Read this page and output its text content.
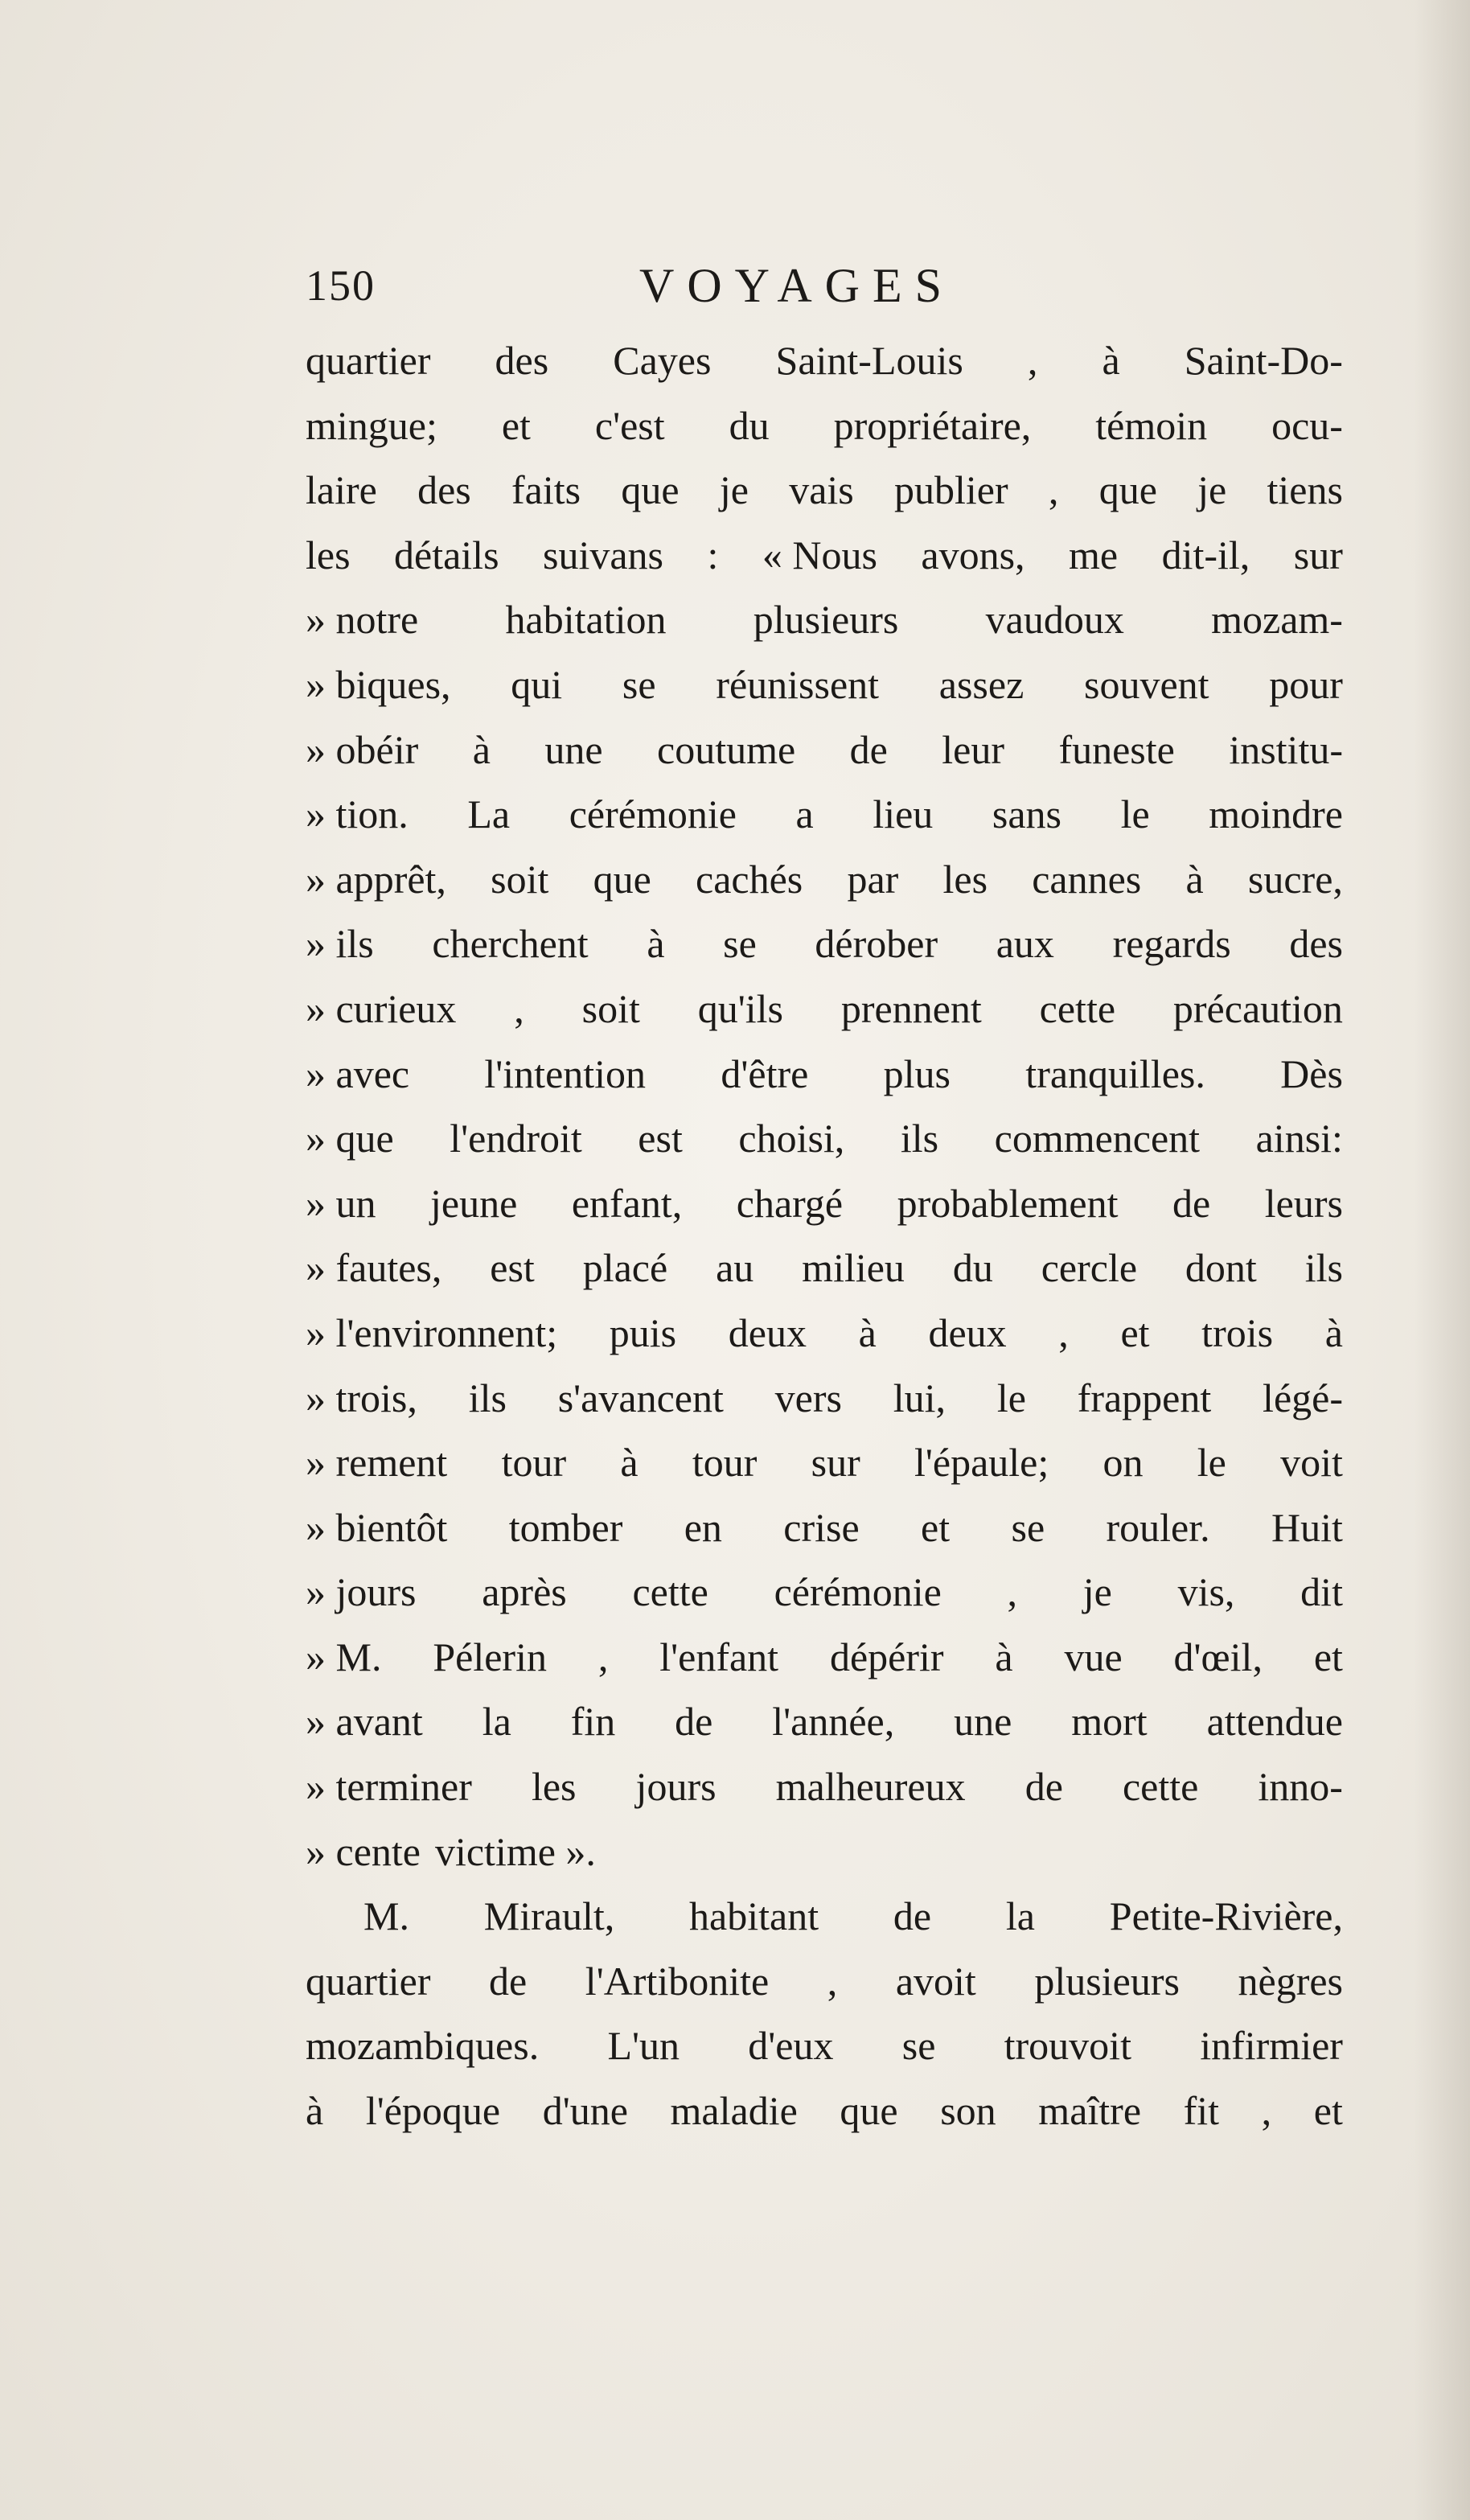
150	VOYAGES
quartier des Cayes Saint-Louis , à Saint-Do-
mingue; et c'est du propriétaire, témoin ocu-
laire des faits que je vais publier , que je tiens
les détails suivans : « Nous avons, me dit-il, sur
» notre habitation plusieurs vaudoux mozam-
» biques, qui se réunissent assez souvent pour
» obéir à une coutume de leur funeste institu-
» tion. La cérémonie a lieu sans le moindre
» apprêt, soit que cachés par les cannes à sucre,
» ils cherchent à se dérober aux regards des
» curieux , soit qu'ils prennent cette précaution
» avec l'intention d'être plus tranquilles. Dès
» que l'endroit est choisi, ils commencent ainsi:
» un jeune enfant, chargé probablement de leurs
» fautes, est placé au milieu du cercle dont ils
» l'environnent; puis deux à deux , et trois à
» trois, ils s'avancent vers lui, le frappent légé-
» rement tour à tour sur l'épaule; on le voit
» bientôt tomber en crise et se rouler. Huit
» jours après cette cérémonie , je vis, dit
» M. Pélerin , l'enfant dépérir à vue d'œil, et
» avant la fin de l'année, une mort attendue
» terminer les jours malheureux de cette inno-
» cente victime ».
M. Mirault, habitant de la Petite-Rivière,
quartier de l'Artibonite , avoit plusieurs nègres
mozambiques. L'un d'eux se trouvoit infirmier
à l'époque d'une maladie que son maître fit , et
